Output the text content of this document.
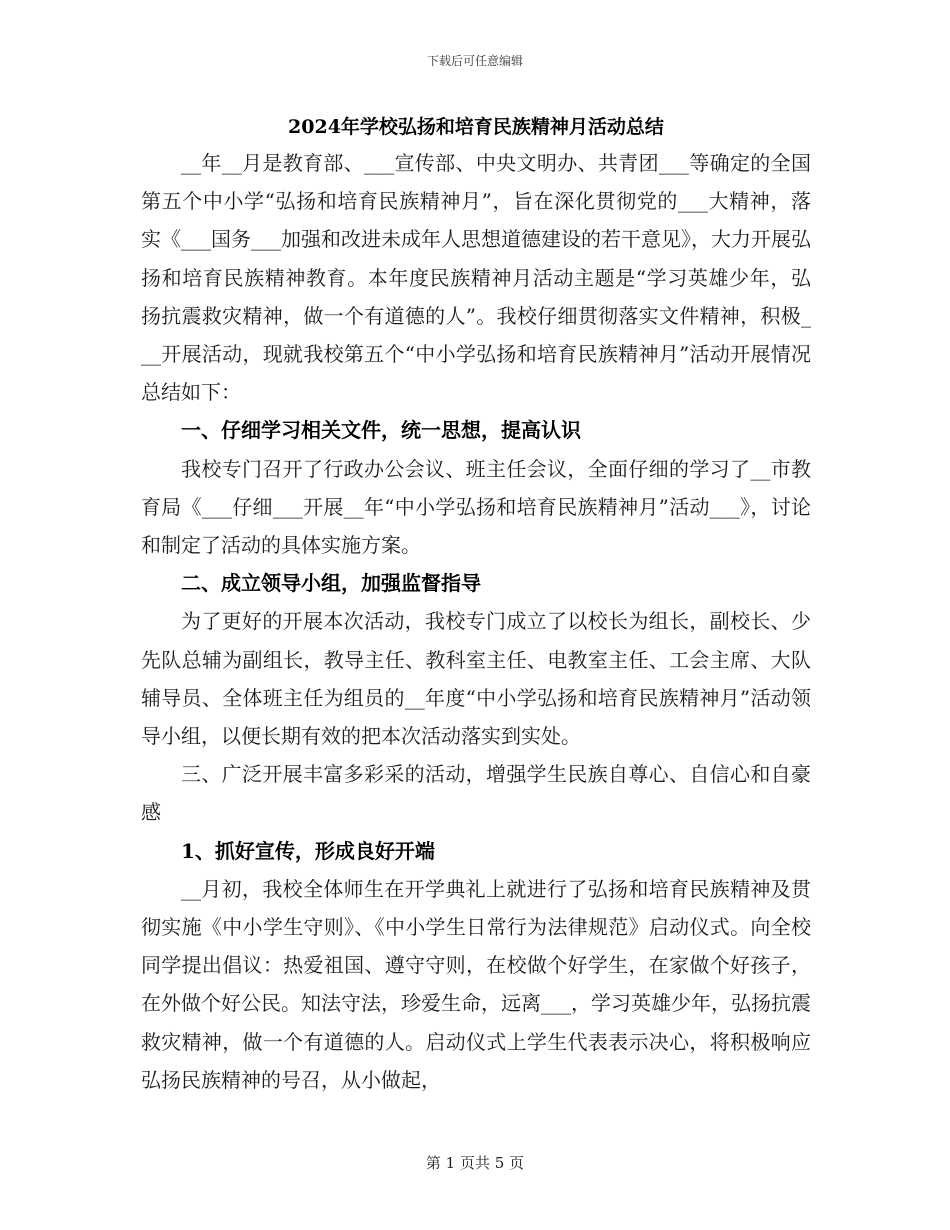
下载后可任意编辑
2024年学校弘扬和培育民族精神月活动总结

__年__月是教育部、___宣传部、中央文明办、共青团___等确定的全国第五个中小学“弘扬和培育民族精神月”，旨在深化贯彻党的___大精神，落实《___国务___加强和改进未成年人思想道德建设的若干意见》，大力开展弘扬和培育民族精神教育。本年度民族精神月活动主题是“学习英雄少年，弘扬抗震救灾精神，做一个有道德的人”。我校仔细贯彻落实文件精神，积极___开展活动，现就我校第五个“中小学弘扬和培育民族精神月”活动开展情况总结如下：

一、仔细学习相关文件，统一思想，提高认识

我校专门召开了行政办公会议、班主任会议，全面仔细的学习了__市教育局《___仔细___开展__年“中小学弘扬和培育民族精神月”活动___》，讨论和制定了活动的具体实施方案。

二、成立领导小组，加强监督指导

为了更好的开展本次活动，我校专门成立了以校长为组长，副校长、少先队总辅为副组长，教导主任、教科室主任、电教室主任、工会主席、大队辅导员、全体班主任为组员的__年度“中小学弘扬和培育民族精神月”活动领导小组，以便长期有效的把本次活动落实到实处。

三、广泛开展丰富多彩采的活动，增强学生民族自尊心、自信心和自豪感

1、抓好宣传，形成良好开端

__月初，我校全体师生在开学典礼上就进行了弘扬和培育民族精神及贯彻实施《中小学生守则》、《中小学生日常行为法律规范》启动仪式。向全校同学提出倡议：热爱祖国、遵守守则，在校做个好学生，在家做个好孩子，在外做个好公民。知法守法，珍爱生命，远离___，学习英雄少年，弘扬抗震救灾精神，做一个有道德的人。启动仪式上学生代表表示决心，将积极响应弘扬民族精神的号召，从小做起，

第 1 页共 5 页
